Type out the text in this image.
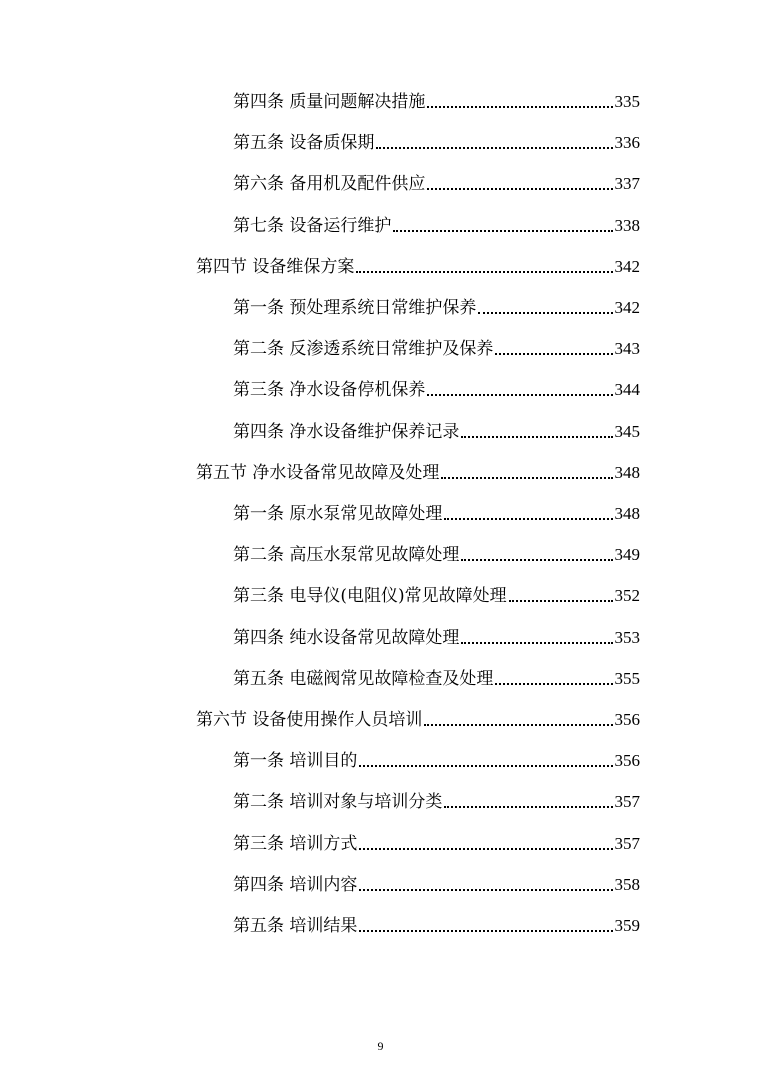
第四条 质量问题解决措施	335
第五条 设备质保期	336
第六条 备用机及配件供应	337
第七条 设备运行维护	338
第四节 设备维保方案	342
第一条 预处理系统日常维护保养	342
第二条 反渗透系统日常维护及保养	343
第三条 净水设备停机保养	344
第四条 净水设备维护保养记录	345
第五节 净水设备常见故障及处理	348
第一条 原水泵常见故障处理	348
第二条 高压水泵常见故障处理	349
第三条 电导仪(电阻仪)常见故障处理	352
第四条 纯水设备常见故障处理	353
第五条 电磁阀常见故障检查及处理	355
第六节 设备使用操作人员培训	356
第一条 培训目的	356
第二条 培训对象与培训分类	357
第三条 培训方式	357
第四条 培训内容	358
第五条 培训结果	359
9
